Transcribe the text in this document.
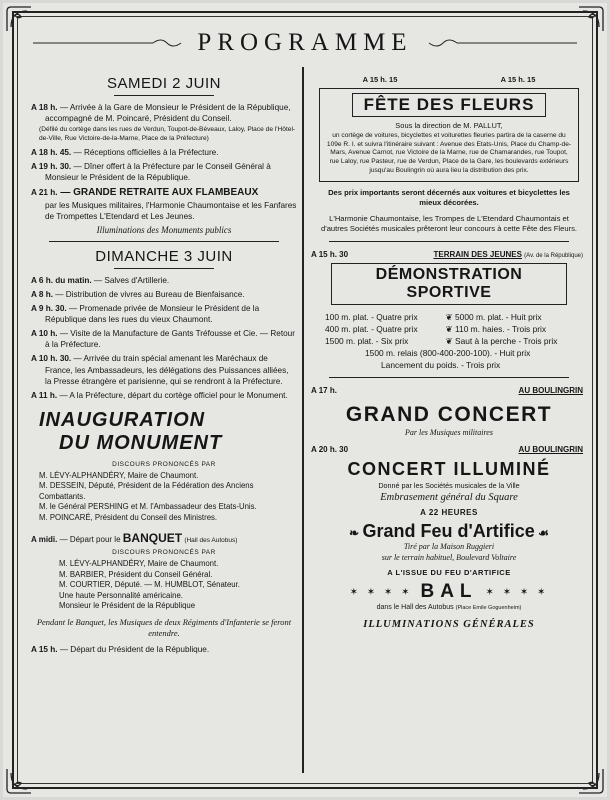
PROGRAMME
SAMEDI 2 JUIN
A 18 h. — Arrivée à la Gare de Monsieur le Président de la République, accompagné de M. Poincaré, Président du Conseil.
(Défilé du cortège dans les rues de Verdun, Toupot-de-Béveaux, Laloy, Place de l'Hôtel-de-Ville, Rue Victoire-de-la-Marne, Place de la Préfecture)
A 18 h. 45. — Réceptions officielles à la Préfecture.
A 19 h. 30. — Dîner offert à la Préfecture par le Conseil Général à Monsieur le Président de la République.
A 21 h. — GRANDE RETRAITE AUX FLAMBEAUX
par les Musiques militaires, l'Harmonie Chaumontaise et les Fanfares de Trompettes L'Etendard et Les Jeunes.
Illuminations des Monuments publics
DIMANCHE 3 JUIN
A 6 h. du matin. — Salves d'Artillerie.
A 8 h. — Distribution de vivres au Bureau de Bienfaisance.
A 9 h. 30. — Promenade privée de Monsieur le Président de la République dans les rues du vieux Chaumont.
A 10 h. — Visite de la Manufacture de Gants Tréfousse et Cie. — Retour à la Préfecture.
A 10 h. 30. — Arrivée du train spécial amenant les Maréchaux de France, les Ambassadeurs, les délégations des Puissances alliées, la Presse étrangère et parisienne, qui se rendront à la Préfecture.
A 11 h. — A la Préfecture, départ du cortège officiel pour le Monument.
INAUGURATION
DU MONUMENT
DISCOURS PRONONCÉS PAR
M. LÉVY-ALPHANDÉRY, Maire de Chaumont.
M. DESSEIN, Député, Président de la Fédération des Anciens Combattants.
M. le Général PERSHING et M. l'Ambassadeur des Etats-Unis.
M. POINCARÉ, Président du Conseil des Ministres.
A midi. — Départ pour le BANQUET (Hall des Autobus)
DISCOURS PRONONCÉS PAR
M. LÉVY-ALPHANDÉRY, Maire de Chaumont.
M. BARBIER, Président du Conseil Général.
M. COURTIER, Député. — M. HUMBLOT, Sénateur.
Une haute Personnalité américaine.
Monsieur le Président de la République
Pendant le Banquet, les Musiques de deux Régiments d'Infanterie se feront entendre.
A 15 h. — Départ du Président de la République.
A 15 h. 15	A 15 h. 15
FÊTE DES FLEURS
Sous la direction de M. PALLUT,
un cortège de voitures, bicyclettes et voiturettes fleuries partira de la caserne du 109e R. I. et suivra l'itinéraire suivant : Avenue des Etats-Unis, Place du Champ-de-Mars, Avenue Carnot, rue Victoire de la Marne, rue de Chamarandes, rue Toupot, rue Laloy, rue Pasteur, rue de Verdun, Place de la Gare, les boulevards extérieurs jusqu'au Boulingrin où aura lieu la distribution des prix.
Des prix importants seront décernés aux voitures et bicyclettes les mieux décorées.
L'Harmonie Chaumontaise, les Trompes de L'Etendard Chaumontais et d'autres Sociétés musicales prêteront leur concours à cette Fête des Fleurs.
A 15 h. 30	TERRAIN DES JEUNES (Av. de la République)
DÉMONSTRATION SPORTIVE
100 m. plat. - Quatre prix	❦ 5000 m. plat. - Huit prix
400 m. plat. - Quatre prix	❦ 110 m. haies. - Trois prix
1500 m. plat. - Six prix	❦ Saut à la perche - Trois prix
1500 m. relais (800-400-200-100). - Huit prix
Lancement du poids. - Trois prix
A 17 h.	AU BOULINGRIN
GRAND CONCERT
Par les Musiques militaires
A 20 h. 30	AU BOULINGRIN
CONCERT ILLUMINÉ
Donné par les Sociétés musicales de la Ville
Embrasement général du Square
A 22 HEURES
❧ Grand Feu d'Artifice ☙
Tiré par la Maison Ruggieri
sur le terrain habituel, Boulevard Voltaire
A L'ISSUE DU FEU D'ARTIFICE
✶ ✶ ✶ ✶ BAL ✶ ✶ ✶ ✶
dans le Hall des Autobus (Place Emile Goguenheim)
ILLUMINATIONS GÉNÉRALES
